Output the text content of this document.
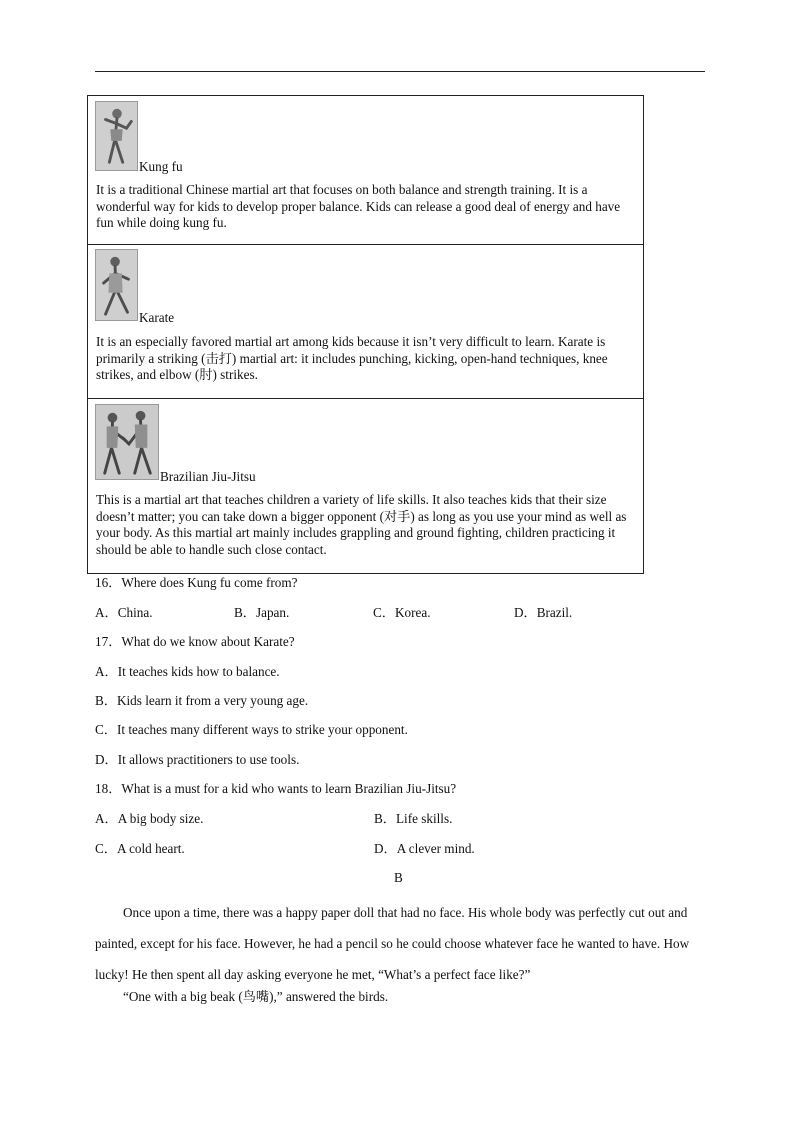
Kung fu

It is a traditional Chinese martial art that focuses on both balance and strength training. It is a wonderful way for kids to develop proper balance. Kids can release a good deal of energy and have fun while doing kung fu.

Karate

It is an especially favored martial art among kids because it isn’t very difficult to learn. Karate is primarily a striking (击打) martial art: it includes punching, kicking, open-hand techniques, knee strikes, and elbow (肘) strikes.

Brazilian Jiu-Jitsu

This is a martial art that teaches children a variety of life skills. It also teaches kids that their size doesn’t matter; you can take down a bigger opponent (对手) as long as you use your mind as well as your body. As this martial art mainly includes grappling and ground fighting, children practicing it should be able to handle such close contact.

16．Where does Kung fu come from?
A．China.	B．Japan.	C．Korea.	D．Brazil.
17．What do we know about Karate?
A．It teaches kids how to balance.
B．Kids learn it from a very young age.
C．It teaches many different ways to strike your opponent.
D．It allows practitioners to use tools.
18．What is a must for a kid who wants to learn Brazilian Jiu-Jitsu?
A．A big body size.	B．Life skills.
C．A cold heart.	D．A clever mind.
B

Once upon a time, there was a happy paper doll that had no face. His whole body was perfectly cut out and painted, except for his face. However, he had a pencil so he could choose whatever face he wanted to have. How lucky! He then spent all day asking everyone he met, “What’s a perfect face like?”

“One with a big beak (鸟嘴),” answered the birds.
